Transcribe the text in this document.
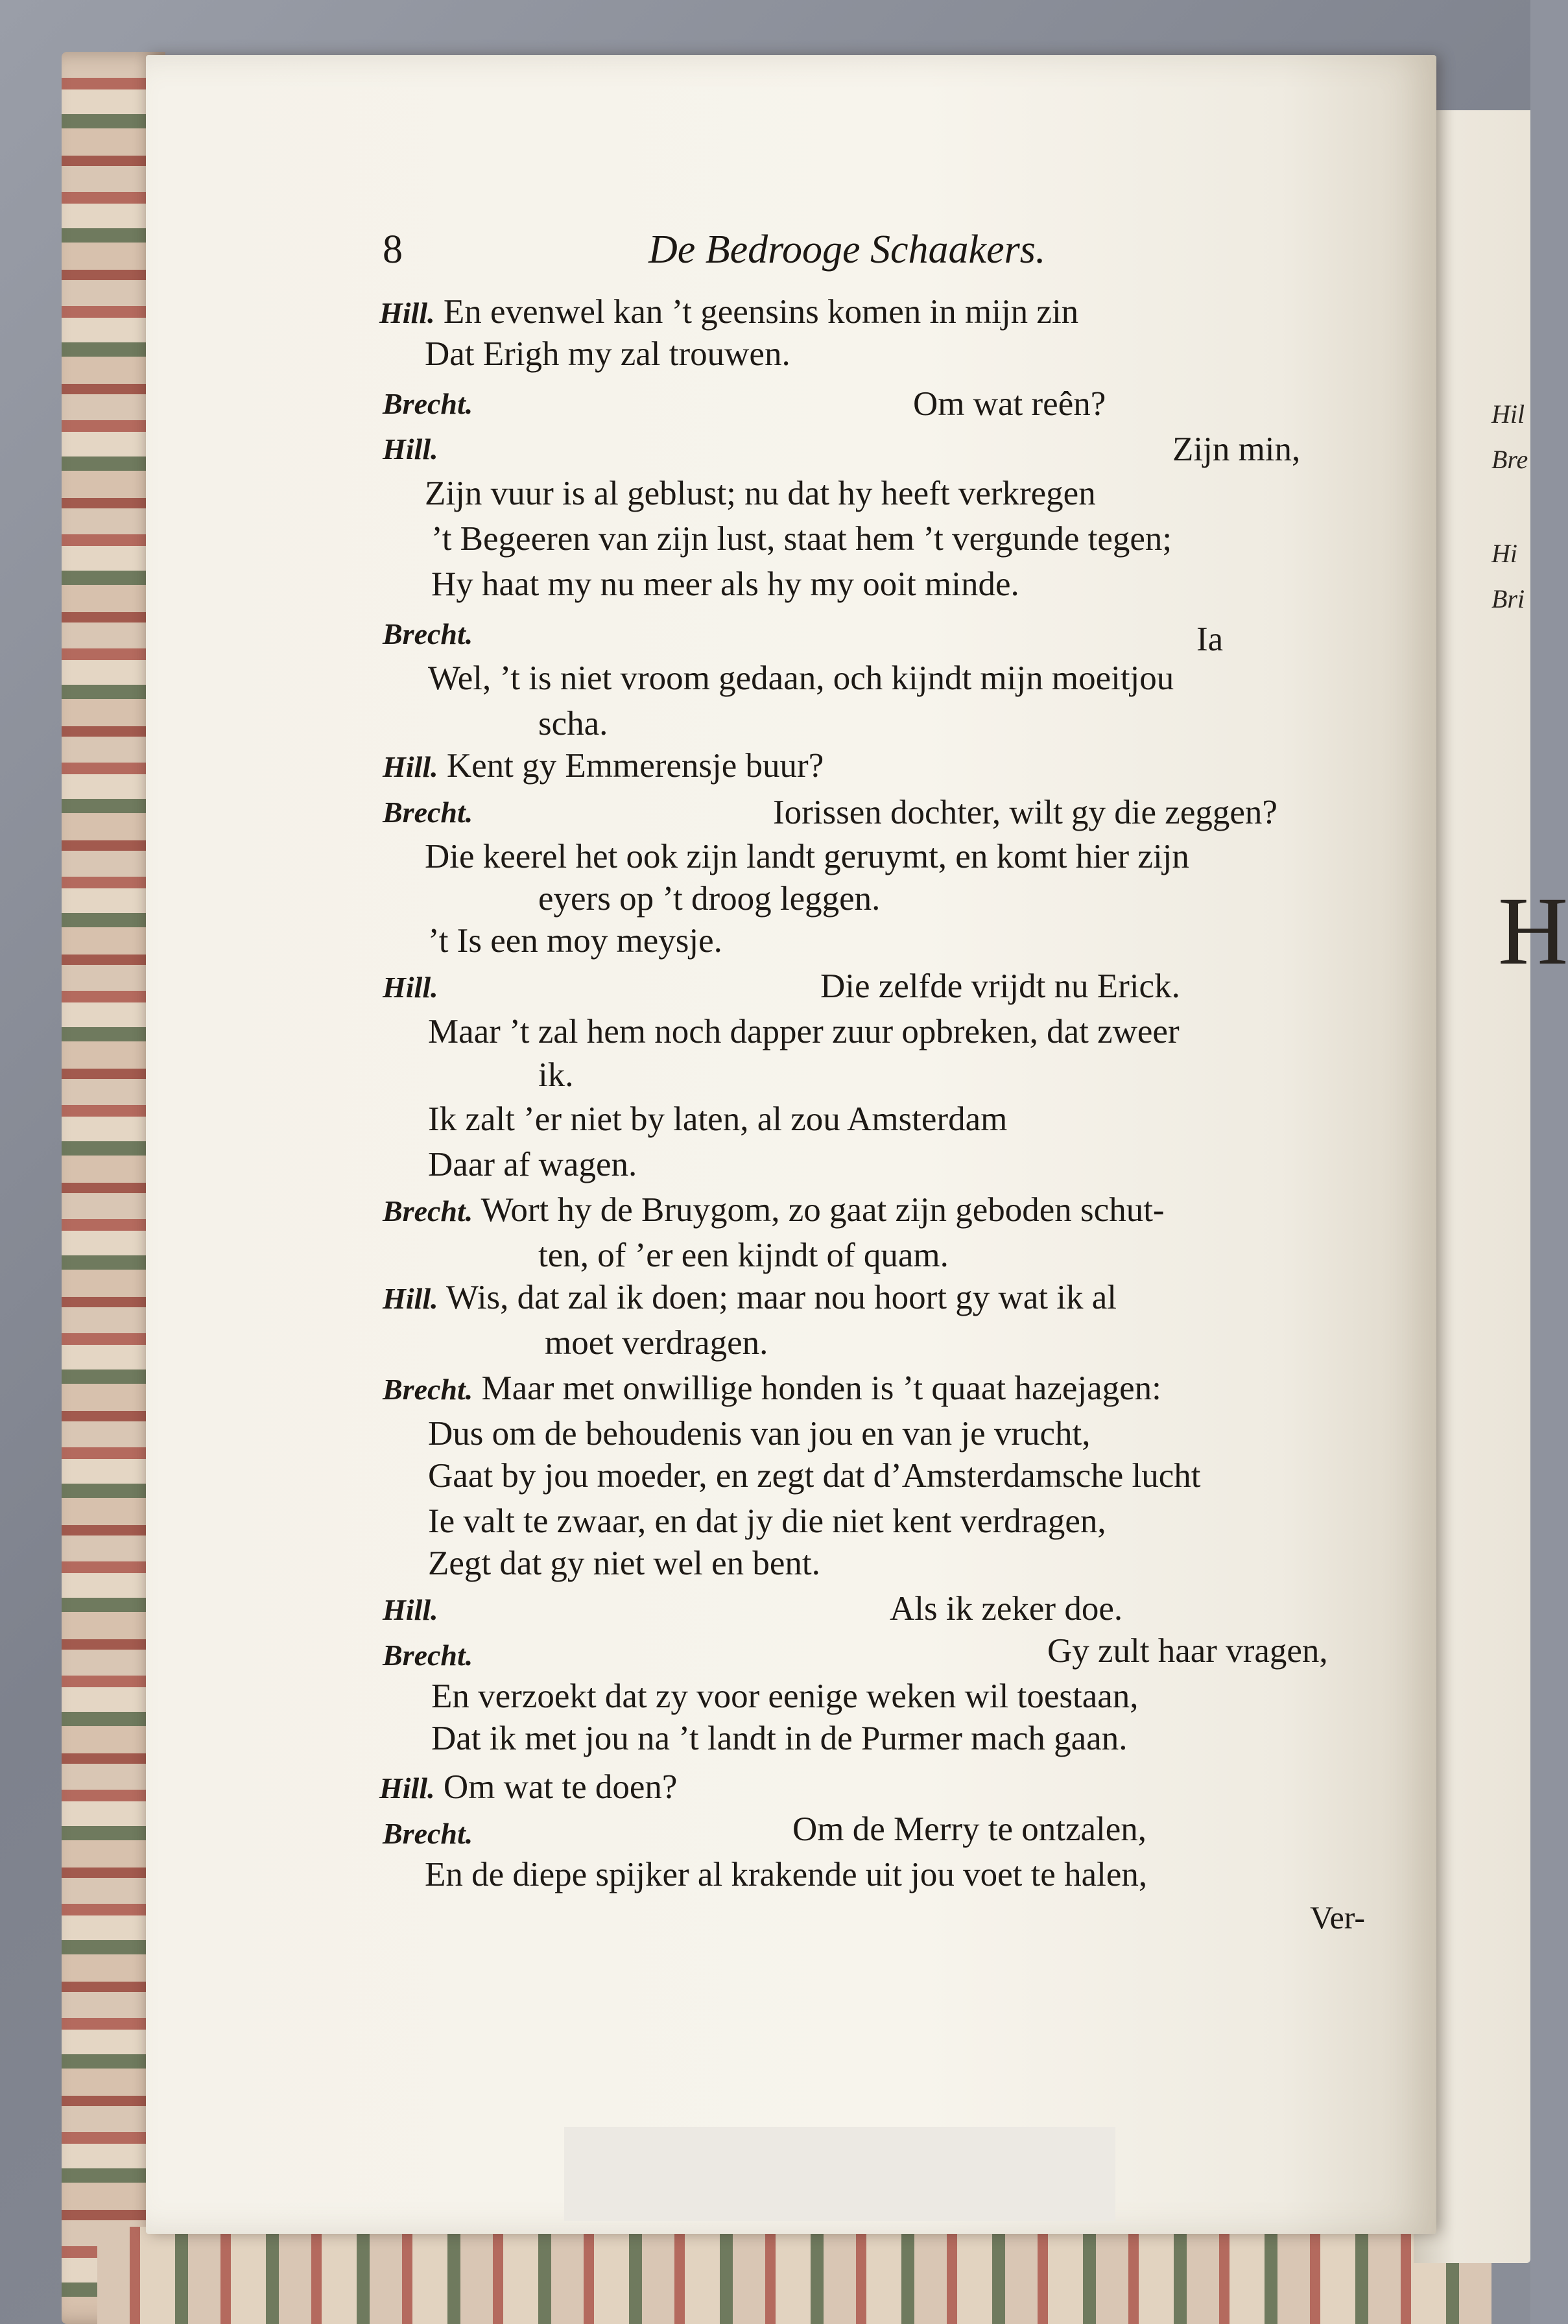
Hil
Bre
Hi
Bri
H
8	De Bedrooge Schaakers.
Hill. En evenwel kan ’t geensins komen in mijn zin
Dat Erigh my zal trouwen.
Brecht.	Om wat reên?
Hill.	Zijn min,
Zijn vuur is al geblust; nu dat hy heeft verkregen
’t Begeeren van zijn lust, staat hem ’t vergunde tegen;
Hy haat my nu meer als hy my ooit minde.
Brecht.	Ia
Wel, ’t is niet vroom gedaan, och kijndt mijn moeitjou
scha.
Hill. Kent gy Emmerensje buur?
Brecht.	Iorissen dochter, wilt gy die zeggen?
Die keerel het ook zijn landt geruymt, en komt hier zijn
eyers op ’t droog leggen.
’t Is een moy meysje.
Hill.	Die zelfde vrijdt nu Erick.
Maar ’t zal hem noch dapper zuur opbreken, dat zweer
ik.
Ik zalt ’er niet by laten, al zou Amsterdam
Daar af wagen.
Brecht. Wort hy de Bruygom, zo gaat zijn geboden schut-
ten, of ’er een kijndt of quam.
Hill. Wis, dat zal ik doen; maar nou hoort gy wat ik al
moet verdragen.
Brecht. Maar met onwillige honden is ’t quaat hazejagen:
Dus om de behoudenis van jou en van je vrucht,
Gaat by jou moeder, en zegt dat d’Amsterdamsche lucht
Ie valt te zwaar, en dat jy die niet kent verdragen,
Zegt dat gy niet wel en bent.
Hill.	Als ik zeker doe.
Brecht.	Gy zult haar vragen,
En verzoekt dat zy voor eenige weken wil toestaan,
Dat ik met jou na ’t landt in de Purmer mach gaan.
Hill. Om wat te doen?
Brecht.	Om de Merry te ontzalen,
En de diepe spijker al krakende uit jou voet te halen,
Ver-
